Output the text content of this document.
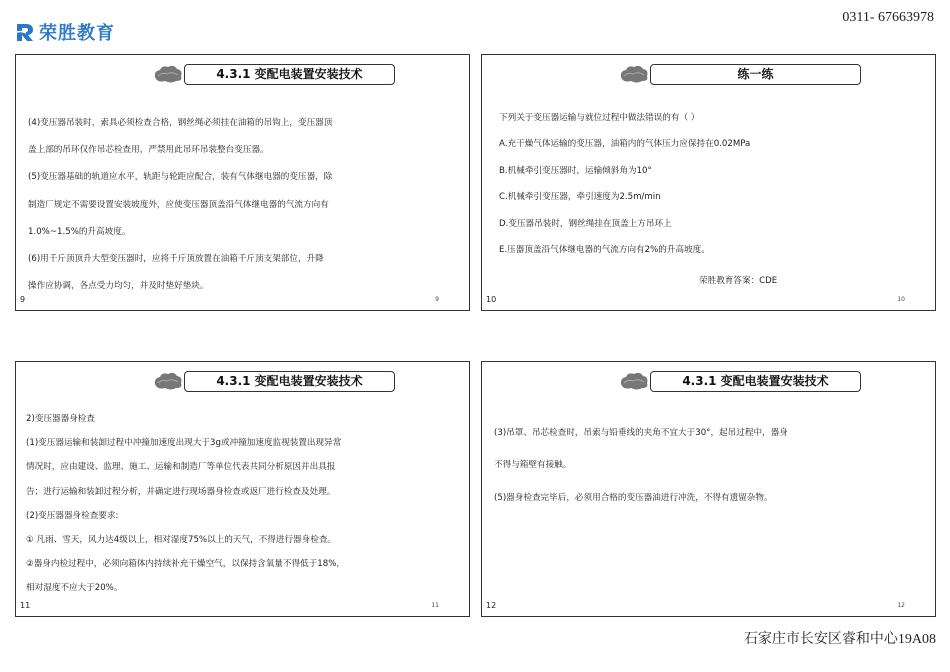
荣胜教育
0311- 67663978
4.3.1 变配电装置安装技术

(4)变压器吊装时，索具必须检查合格，钢丝绳必须挂在油箱的吊钩上，变压器顶

盖上部的吊环仅作吊芯检查用，严禁用此吊环吊装整台变压器。

(5)变压器基础的轨道应水平，轨距与轮距应配合，装有气体继电器的变压器，除

制造厂规定不需要设置安装坡度外，应使变压器顶盖沿气体继电器的气流方向有

1.0%~1.5%的升高坡度。

(6)用千斤顶顶升大型变压器时，应将千斤顶放置在油箱千斤顶支架部位，升降

操作应协调，各点受力均匀，并及时垫好垫块。

9	9
练一练

下列关于变压器运输与就位过程中做法错误的有（ ）

A.充干燥气体运输的变压器，油箱内的气体压力应保持在0.02MPa

B.机械牵引变压器时，运输倾斜角为10°

C.机械牵引变压器，牵引速度为2.5m/min

D.变压器吊装时，钢丝绳挂在顶盖上方吊环上

E.压器顶盖沿气体继电器的气流方向有2%的升高坡度。

荣胜教育答案：CDE
10	10
4.3.1 变配电装置安装技术

2)变压器器身检查

(1)变压器运输和装卸过程中冲撞加速度出现大于3g或冲撞加速度监视装置出现异常

情况时，应由建设、监理、施工、运输和制造厂等单位代表共同分析原因并出具报

告；进行运输和装卸过程分析，并确定进行现场器身检查或返厂进行检查及处理。

(2)变压器器身检查要求:

① 凡雨、雪天，风力达4级以上，相对湿度75%以上的天气，不得进行器身检查。

②器身内检过程中，必须向箱体内持续补充干燥空气，以保持含氧量不得低于18%，

相对湿度不应大于20%。

11	11
4.3.1 变配电装置安装技术

(3)吊罩、吊芯检查时，吊索与铅垂线的夹角不宜大于30°，起吊过程中，器身

不得与箱壁有接触。

(5)器身检查完毕后，必须用合格的变压器油进行冲洗，不得有遗留杂物。

12	12
石家庄市长安区睿和中心19A08
